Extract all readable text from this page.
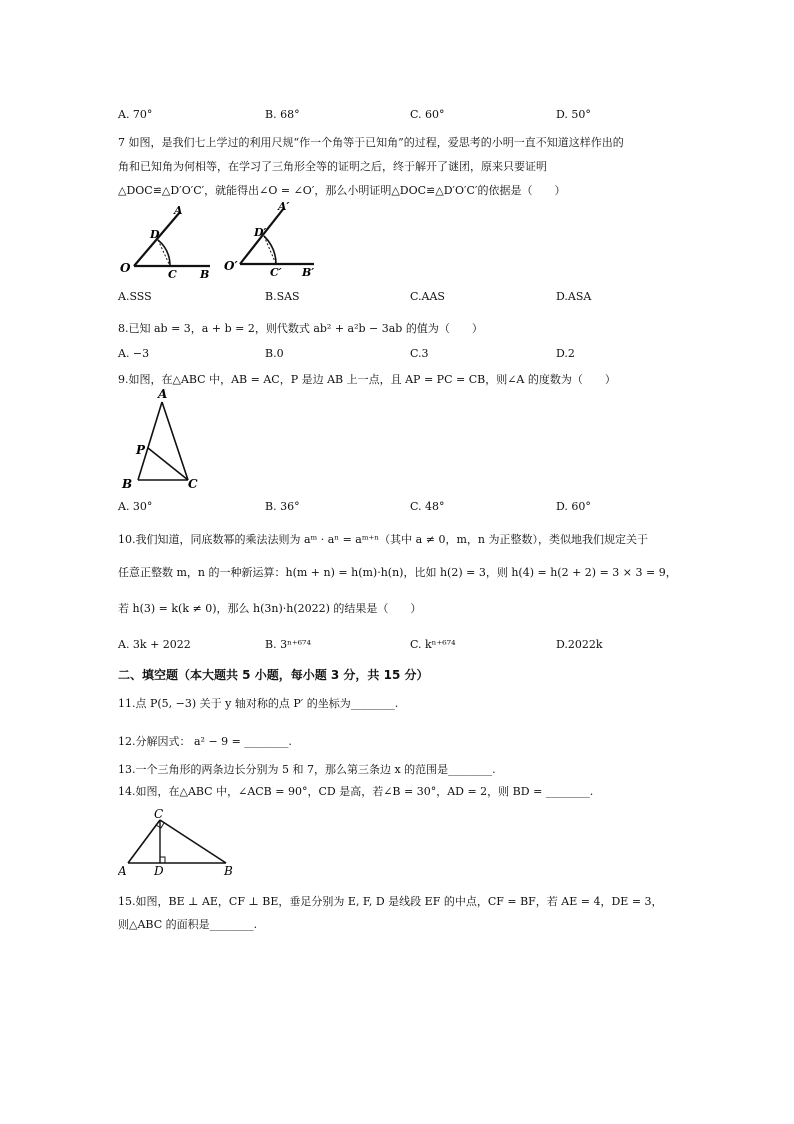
A. 70°	B. 68°	C. 60°	D. 50°
7 如图，是我们七上学过的利用尺规“作一个角等于已知角”的过程，爱思考的小明一直不知道这样作出的
角和已知角为何相等，在学习了三角形全等的证明之后，终于解开了谜团，原来只要证明
△DOC≌△D′O′C′，就能得出∠O = ∠O′，那么小明证明△DOC≌△D′O′C′的依据是（　　）
A
D
O	C B
A′
D′
O′	C′ B′
A.SSS	B.SAS	C.AAS	D.ASA
8.已知 ab = 3，a + b = 2，则代数式 ab² + a²b − 3ab 的值为（　　）
A. −3	B.0	C.3	D.2
9.如图，在△ABC 中，AB = AC，P 是边 AB 上一点，且 AP = PC = CB，则∠A 的度数为（　　）
A
P
B	C
A. 30°	B. 36°	C. 48°	D. 60°
10.我们知道，同底数幂的乘法法则为 aᵐ · aⁿ = aᵐ⁺ⁿ（其中 a ≠ 0，m，n 为正整数），类似地我们规定关于
任意正整数 m，n 的一种新运算：h(m + n) = h(m)·h(n)，比如 h(2) = 3，则 h(4) = h(2 + 2) = 3 × 3 = 9，
若 h(3) = k(k ≠ 0)，那么 h(3n)·h(2022) 的结果是（　　）
A. 3k + 2022	B. 3ⁿ⁺⁶⁷⁴	C. kⁿ⁺⁶⁷⁴	D.2022k
二、填空题（本大题共 5 小题，每小题 3 分，共 15 分）
11.点 P(5, −3) 关于 y 轴对称的点 P′ 的坐标为________.
12.分解因式： a² − 9 = ________.
13.一个三角形的两条边长分别为 5 和 7，那么第三条边 x 的范围是________.
14.如图，在△ABC 中，∠ACB = 90°，CD 是高，若∠B = 30°，AD = 2，则 BD = ________.
C
A D	B
15.如图，BE ⊥ AE，CF ⊥ BE，垂足分别为 E, F, D 是线段 EF 的中点，CF = BF，若 AE = 4，DE = 3，
则△ABC 的面积是________.
